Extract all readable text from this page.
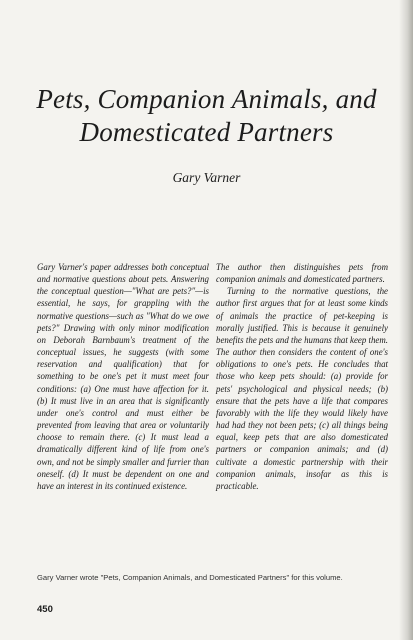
Pets, Companion Animals, and
Domesticated Partners
Gary Varner

Gary Varner's paper addresses both conceptual and normative questions about pets. Answering the conceptual question—"What are pets?"—is essential, he says, for grappling with the normative questions—such as "What do we owe pets?" Drawing with only minor modification on Deborah Barnbaum's treatment of the conceptual issues, he suggests (with some reservation and qualification) that for something to be one's pet it must meet four conditions: (a) One must have affection for it. (b) It must live in an area that is significantly under one's control and must either be prevented from leaving that area or voluntarily choose to remain there. (c) It must lead a dramatically different kind of life from one's own, and not be simply smaller and furrier than oneself. (d) It must be dependent on one and have an interest in its continued existence.

The author then distinguishes pets from companion animals and domesticated partners.

Turning to the normative questions, the author first argues that for at least some kinds of animals the practice of pet-keeping is morally justified. This is because it genuinely benefits the pets and the humans that keep them. The author then considers the content of one's obligations to one's pets. He concludes that those who keep pets should: (a) provide for pets' psychological and physical needs; (b) ensure that the pets have a life that compares favorably with the life they would likely have had had they not been pets; (c) all things being equal, keep pets that are also domesticated partners or companion animals; and (d) cultivate a domestic partnership with their companion animals, insofar as this is practicable.

Gary Varner wrote "Pets, Companion Animals, and Domesticated Partners" for this volume.
450
